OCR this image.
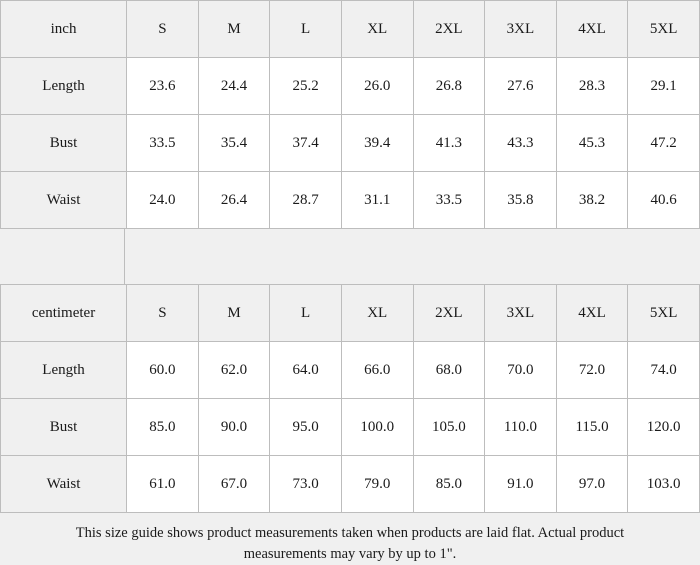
inch	S	M	L	XL	2XL	3XL	4XL	5XL
Length	23.6	24.4	25.2	26.0	26.8	27.6	28.3	29.1
Bust	33.5	35.4	37.4	39.4	41.3	43.3	45.3	47.2
Waist	24.0	26.4	28.7	31.1	33.5	35.8	38.2	40.6
centimeter	S	M	L	XL	2XL	3XL	4XL	5XL
Length	60.0	62.0	64.0	66.0	68.0	70.0	72.0	74.0
Bust	85.0	90.0	95.0	100.0	105.0	110.0	115.0	120.0
Waist	61.0	67.0	73.0	79.0	85.0	91.0	97.0	103.0
This size guide shows product measurements taken when products are laid flat. Actual product
measurements may vary by up to 1".
